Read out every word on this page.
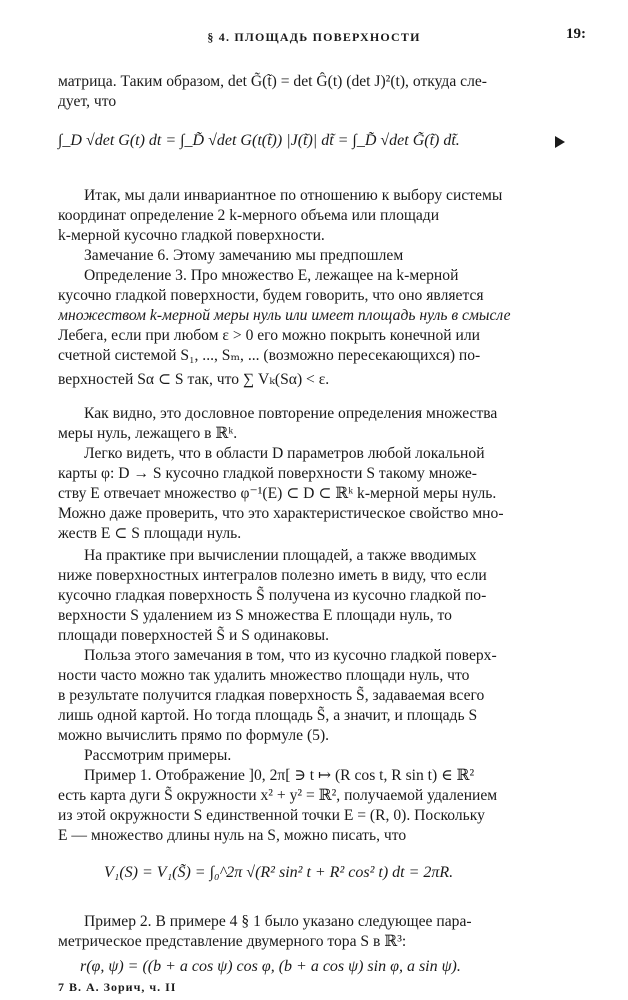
§ 4. ПЛОЩАДЬ ПОВЕРХНОСТИ	19:
матрица. Таким образом, det G̃(t̃) = det Ĝ(t) (det J)²(t), откуда сле-
дует, что
∫_D √det G(t) dt = ∫_D̃ √det G(t(t̃)) |J(t̃)| dt̃ = ∫_D̃ √det G̃(t̃) dt̃.
Итак, мы дали инвариантное по отношению к выбору системы
координат определение 2 k-мерного объема или площади
k-мерной кусочно гладкой поверхности.
Замечание 6. Этому замечанию мы предпошлем
Определение 3. Про множество E, лежащее на k-мерной
кусочно гладкой поверхности, будем говорить, что оно является
множеством k-мерной меры нуль или имеет площадь нуль в смысле
Лебега, если при любом ε > 0 его можно покрыть конечной или
счетной системой S₁, ..., Sₘ, ... (возможно пересекающихся) по-
верхностей Sα ⊂ S так, что ∑ Vₖ(Sα) < ε.
Как видно, это дословное повторение определения множества
меры нуль, лежащего в ℝᵏ.
Легко видеть, что в области D параметров любой локальной
карты φ: D → S кусочно гладкой поверхности S такому множе-
ству E отвечает множество φ⁻¹(E) ⊂ D ⊂ ℝᵏ k-мерной меры нуль.
Можно даже проверить, что это характеристическое свойство мно-
жеств E ⊂ S площади нуль.
На практике при вычислении площадей, а также вводимых
ниже поверхностных интегралов полезно иметь в виду, что если
кусочно гладкая поверхность S̃ получена из кусочно гладкой по-
верхности S удалением из S множества E площади нуль, то
площади поверхностей S̃ и S одинаковы.
Польза этого замечания в том, что из кусочно гладкой поверх-
ности часто можно так удалить множество площади нуль, что
в результате получится гладкая поверхность S̃, задаваемая всего
лишь одной картой. Но тогда площадь S̃, а значит, и площадь S
можно вычислить прямо по формуле (5).
Рассмотрим примеры.
Пример 1. Отображение ]0, 2π[ ∋ t ↦ (R cos t, R sin t) ∈ ℝ²
есть карта дуги S̃ окружности x² + y² = ℝ², получаемой удалением
из этой окружности S единственной точки E = (R, 0). Поскольку
E — множество длины нуль на S, можно писать, что
V₁(S) = V₁(S̃) = ∫₀^2π √(R² sin² t + R² cos² t) dt = 2πR.
Пример 2. В примере 4 § 1 было указано следующее пара-
метрическое представление двумерного тора S в ℝ³:
r(φ, ψ) = ((b + a cos ψ) cos φ, (b + a cos ψ) sin φ, a sin ψ).
7 В. А. Зорич, ч. II
